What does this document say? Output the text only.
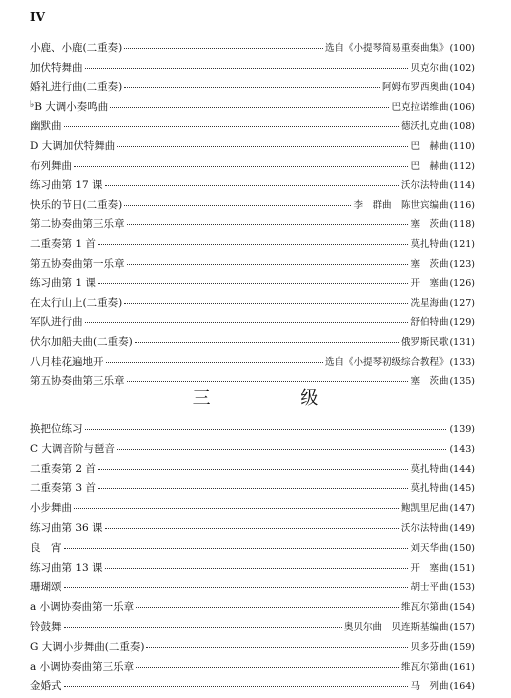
IV
小鹿、小鹿(二重奏)	选自《小提琴简易重奏曲集》 (100)
加伏特舞曲	贝克尔曲 (102)
婚礼进行曲(二重奏)	阿姆布罗西奥曲 (104)
♭ B 大调小奏鸣曲	巴克拉诺维曲 (106)
幽默曲	德沃扎克曲 (108)
D 大调加伏特舞曲	巴　赫曲 (110)
布列舞曲	巴　赫曲 (112)
练习曲第 17 课	沃尔法特曲 (114)
快乐的节日(二重奏)	李　群曲　陈世宾编曲 (116)
第二协奏曲第三乐章	塞　茨曲 (118)
二重奏第 1 首	莫扎特曲 (121)
第五协奏曲第一乐章	塞　茨曲 (123)
练习曲第 1 课	开　塞曲 (126)
在太行山上(二重奏)	冼星海曲 (127)
军队进行曲	舒伯特曲 (129)
伏尔加船夫曲(二重奏)	俄罗斯民歌 (131)
八月桂花遍地开	选自《小提琴初级综合教程》 (133)
第五协奏曲第三乐章	塞　茨曲 (135)
三 级
换把位练习	(139)
C 大调音阶与琶音	(143)
二重奏第 2 首	莫扎特曲 (144)
二重奏第 3 首	莫扎特曲 (145)
小步舞曲	鲍凯里尼曲 (147)
练习曲第 36 课	沃尔法特曲 (149)
良　宵	刘天华曲 (150)
练习曲第 13 课	开　塞曲 (151)
珊瑚颂	胡士平曲 (153)
a 小调协奏曲第一乐章	维瓦尔第曲 (154)
铃鼓舞	奥贝尔曲　贝连斯基编曲 (157)
G 大调小步舞曲(二重奏)	贝多芬曲 (159)
a 小调协奏曲第三乐章	维瓦尔第曲 (161)
金婚式	马　列曲 (164)
